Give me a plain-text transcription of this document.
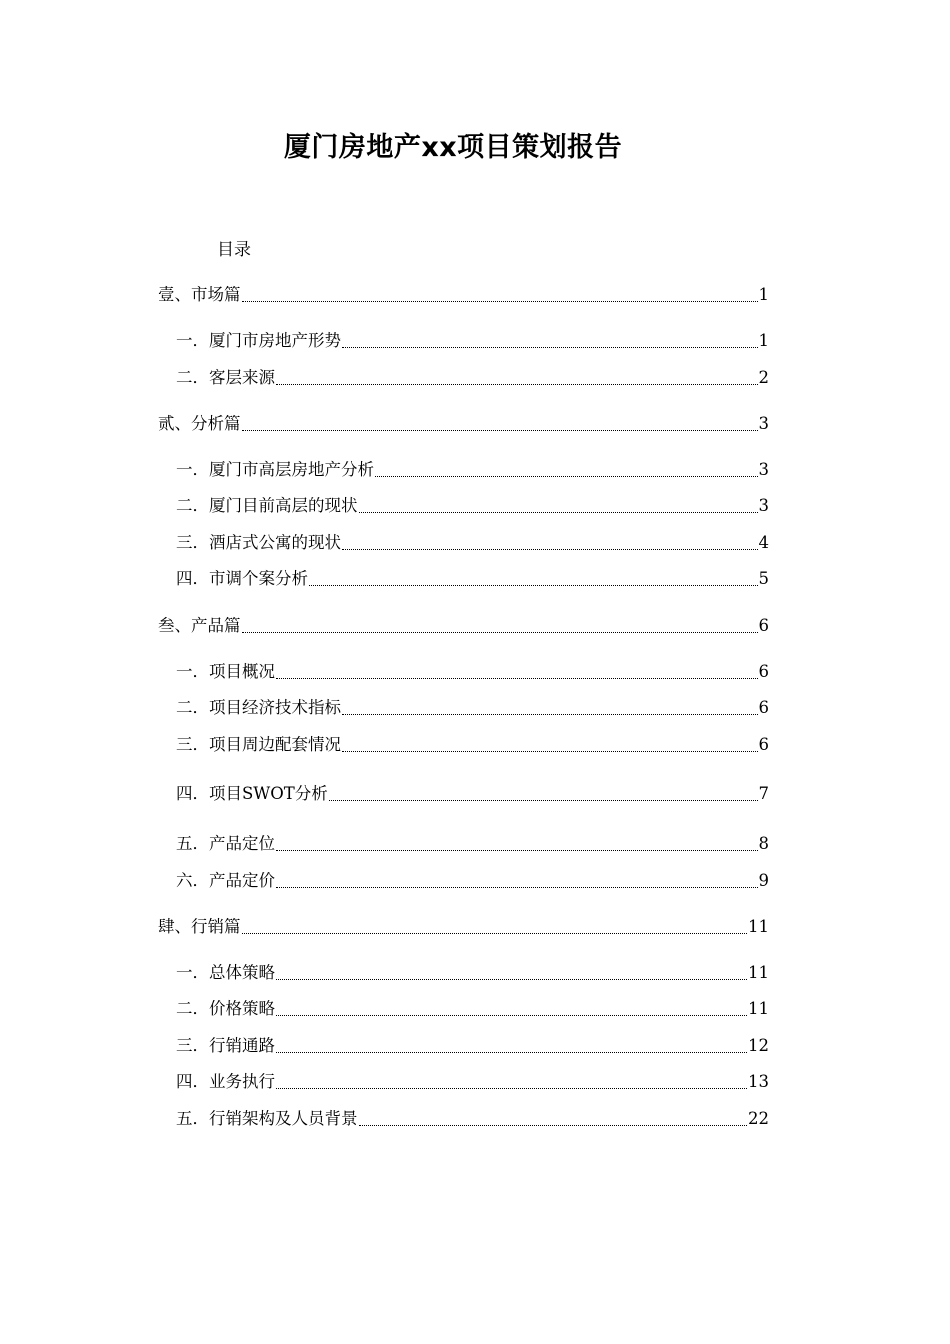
厦门房地产xx项目策划报告
目录
壹、市场篇	1
一．厦门市房地产形势	1
二．客层来源	2
贰、分析篇	3
一．厦门市高层房地产分析	3
二．厦门目前高层的现状	3
三．酒店式公寓的现状	4
四．市调个案分析	5
叁、产品篇	6
一．项目概况	6
二．项目经济技术指标	6
三．项目周边配套情况	6
四．项目SWOT分析	7
五．产品定位	8
六．产品定价	9
肆、行销篇	11
一．总体策略	11
二．价格策略	11
三．行销通路	12
四．业务执行	13
五．行销架构及人员背景	22
